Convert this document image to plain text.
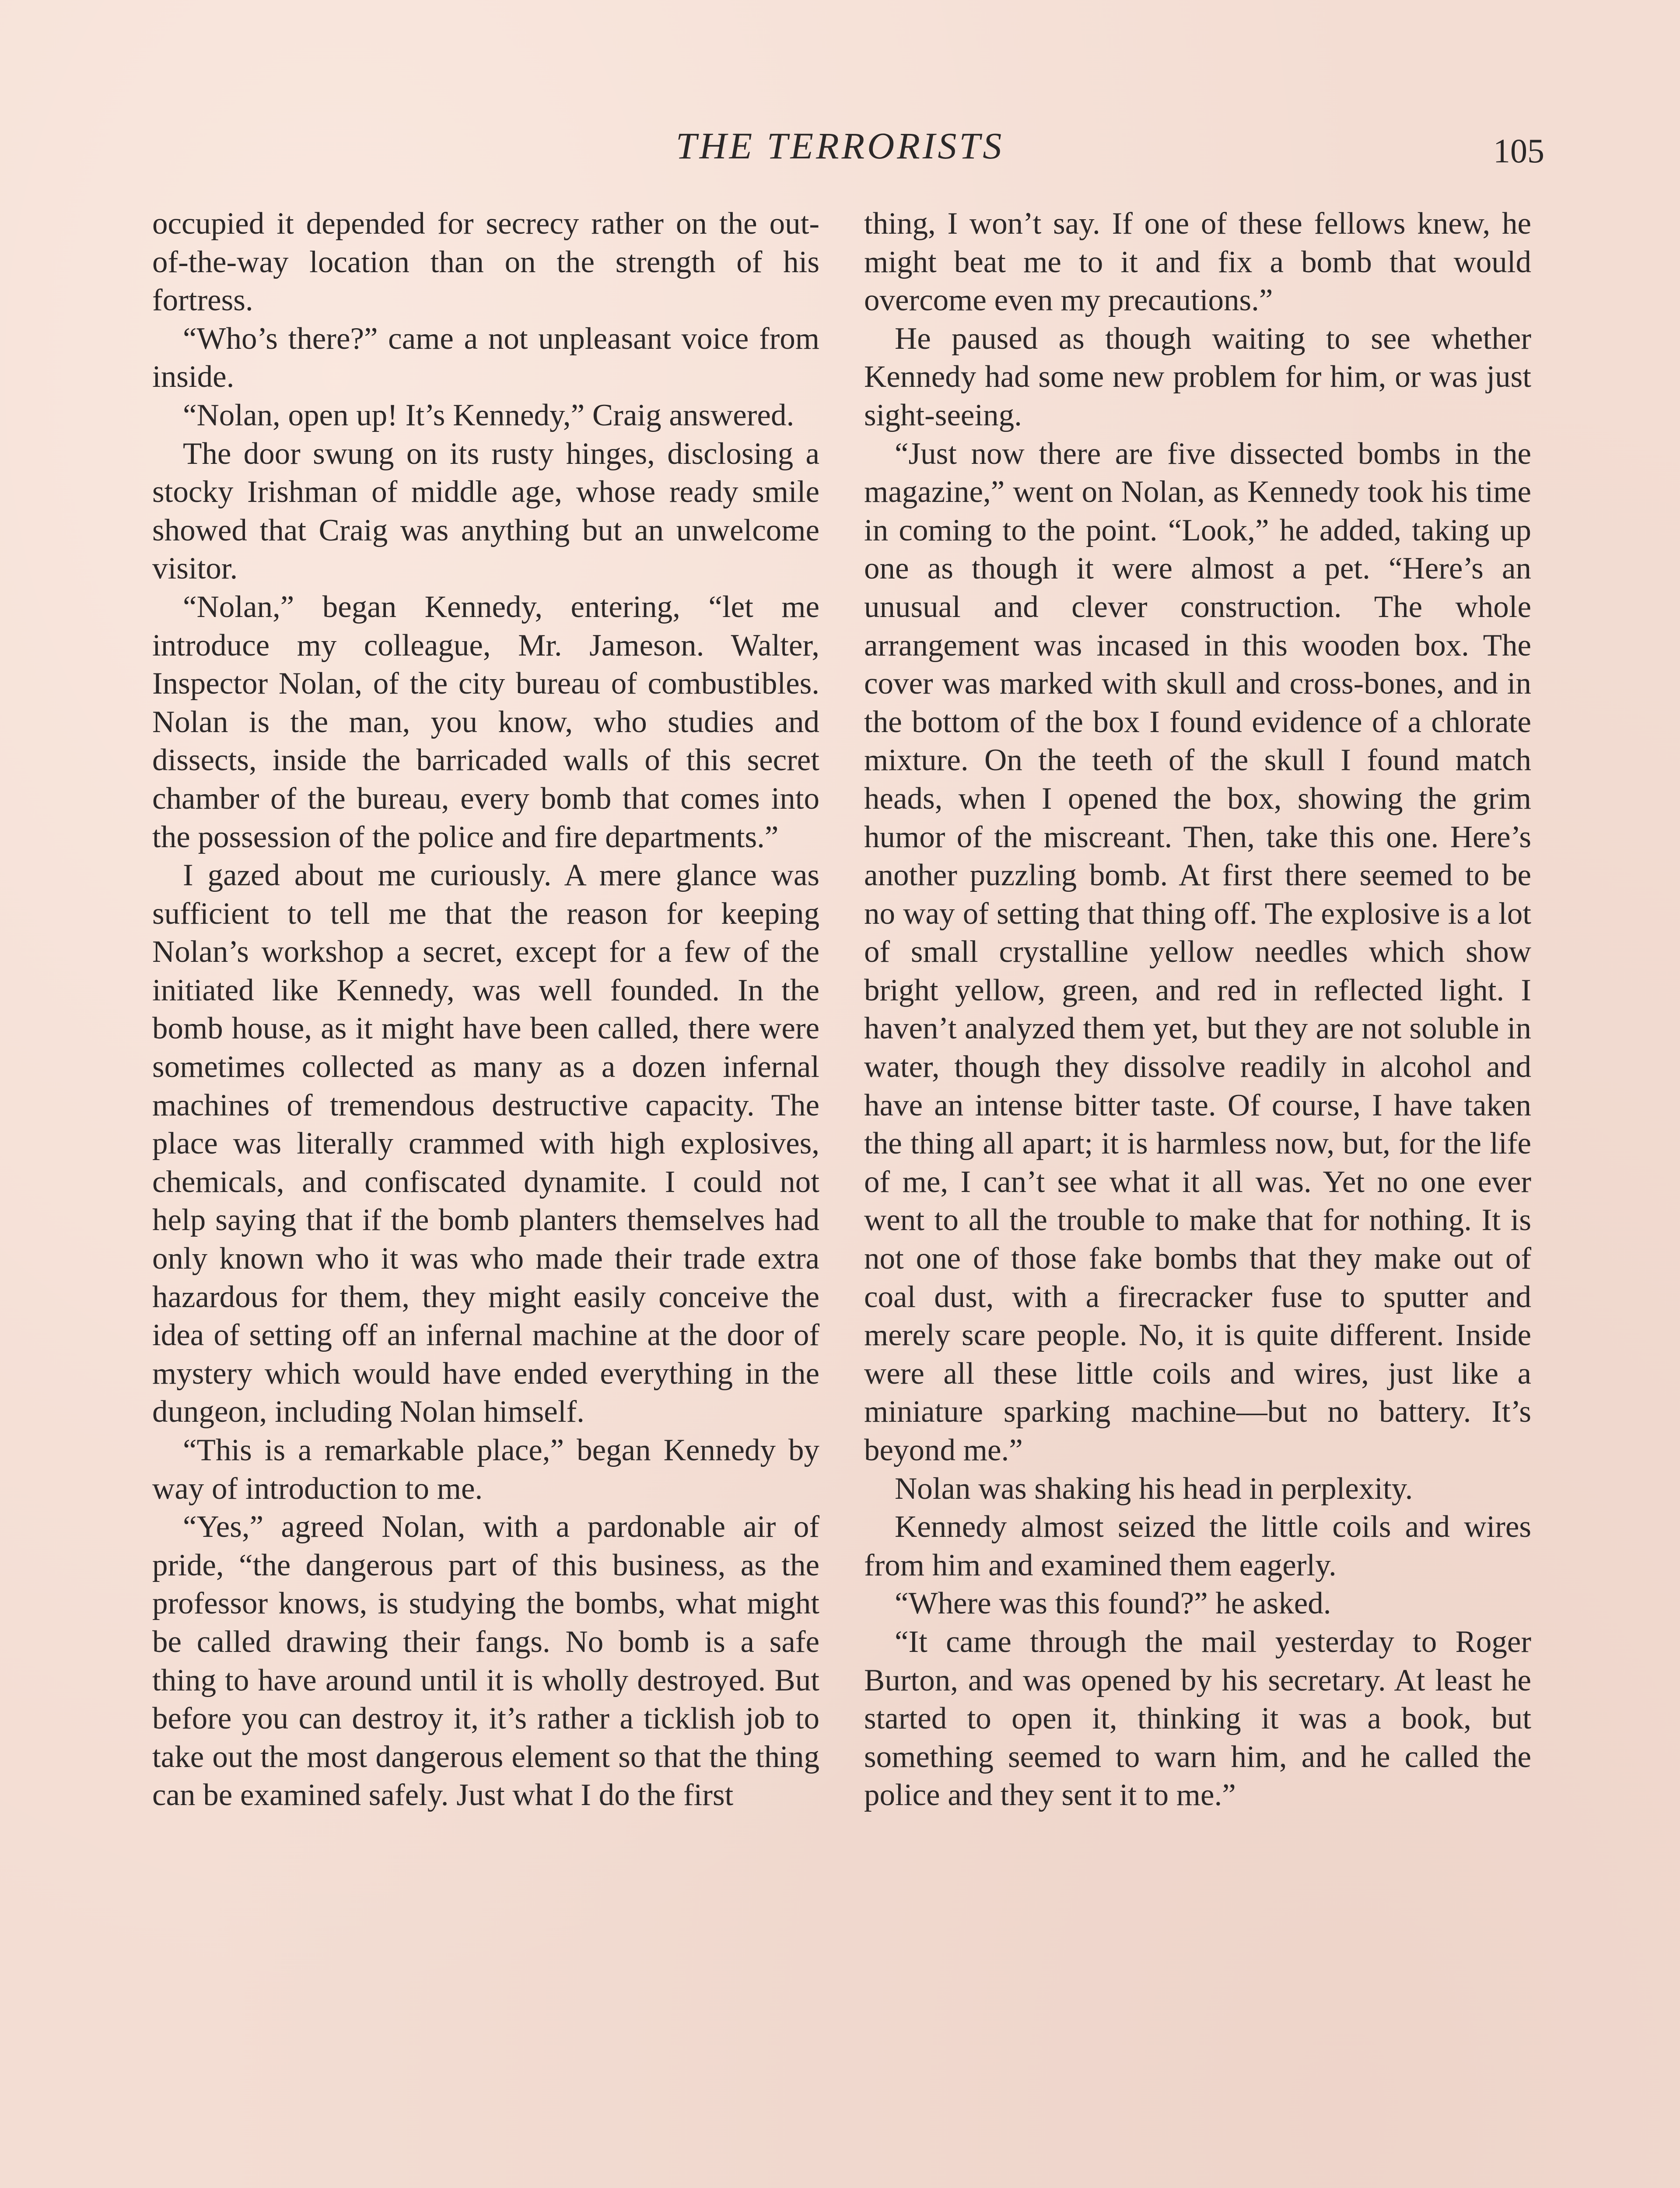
THE TERRORISTS	105

occupied it depended for secrecy rather on the out-of-the-way location than on the strength of his fortress.

“Who’s there?” came a not unpleasant voice from inside.

“Nolan, open up! It’s Kennedy,” Craig answered.

The door swung on its rusty hinges, disclosing a stocky Irishman of middle age, whose ready smile showed that Craig was anything but an unwelcome visitor.

“Nolan,” began Kennedy, entering, “let me introduce my colleague, Mr. Jameson. Walter, Inspector Nolan, of the city bureau of combustibles. Nolan is the man, you know, who studies and dissects, inside the barricaded walls of this secret chamber of the bureau, every bomb that comes into the possession of the police and fire departments.”

I gazed about me curiously. A mere glance was sufficient to tell me that the reason for keeping Nolan’s workshop a secret, except for a few of the initiated like Kennedy, was well founded. In the bomb house, as it might have been called, there were sometimes collected as many as a dozen infernal machines of tremendous destructive capacity. The place was literally crammed with high explosives, chemicals, and confiscated dynamite. I could not help saying that if the bomb planters themselves had only known who it was who made their trade extra hazardous for them, they might easily conceive the idea of setting off an infernal machine at the door of mystery which would have ended everything in the dungeon, including Nolan himself.

“This is a remarkable place,” began Kennedy by way of introduction to me.

“Yes,” agreed Nolan, with a pardonable air of pride, “the dangerous part of this business, as the professor knows, is studying the bombs, what might be called drawing their fangs. No bomb is a safe thing to have around until it is wholly destroyed. But before you can destroy it, it’s rather a ticklish job to take out the most dangerous element so that the thing can be examined safely. Just what I do the first

thing, I won’t say. If one of these fellows knew, he might beat me to it and fix a bomb that would overcome even my precautions.”

He paused as though waiting to see whether Kennedy had some new problem for him, or was just sight-seeing.

“Just now there are five dissected bombs in the magazine,” went on Nolan, as Kennedy took his time in coming to the point. “Look,” he added, taking up one as though it were almost a pet. “Here’s an unusual and clever construction. The whole arrangement was incased in this wooden box. The cover was marked with skull and cross-bones, and in the bottom of the box I found evidence of a chlorate mixture. On the teeth of the skull I found match heads, when I opened the box, showing the grim humor of the miscreant. Then, take this one. Here’s another puzzling bomb. At first there seemed to be no way of setting that thing off. The explosive is a lot of small crystalline yellow needles which show bright yellow, green, and red in reflected light. I haven’t analyzed them yet, but they are not soluble in water, though they dissolve readily in alcohol and have an intense bitter taste. Of course, I have taken the thing all apart; it is harmless now, but, for the life of me, I can’t see what it all was. Yet no one ever went to all the trouble to make that for nothing. It is not one of those fake bombs that they make out of coal dust, with a firecracker fuse to sputter and merely scare people. No, it is quite different. Inside were all these little coils and wires, just like a miniature sparking machine—but no battery. It’s beyond me.”

Nolan was shaking his head in perplexity.

Kennedy almost seized the little coils and wires from him and examined them eagerly.

“Where was this found?” he asked.

“It came through the mail yesterday to Roger Burton, and was opened by his secretary. At least he started to open it, thinking it was a book, but something seemed to warn him, and he called the police and they sent it to me.”
